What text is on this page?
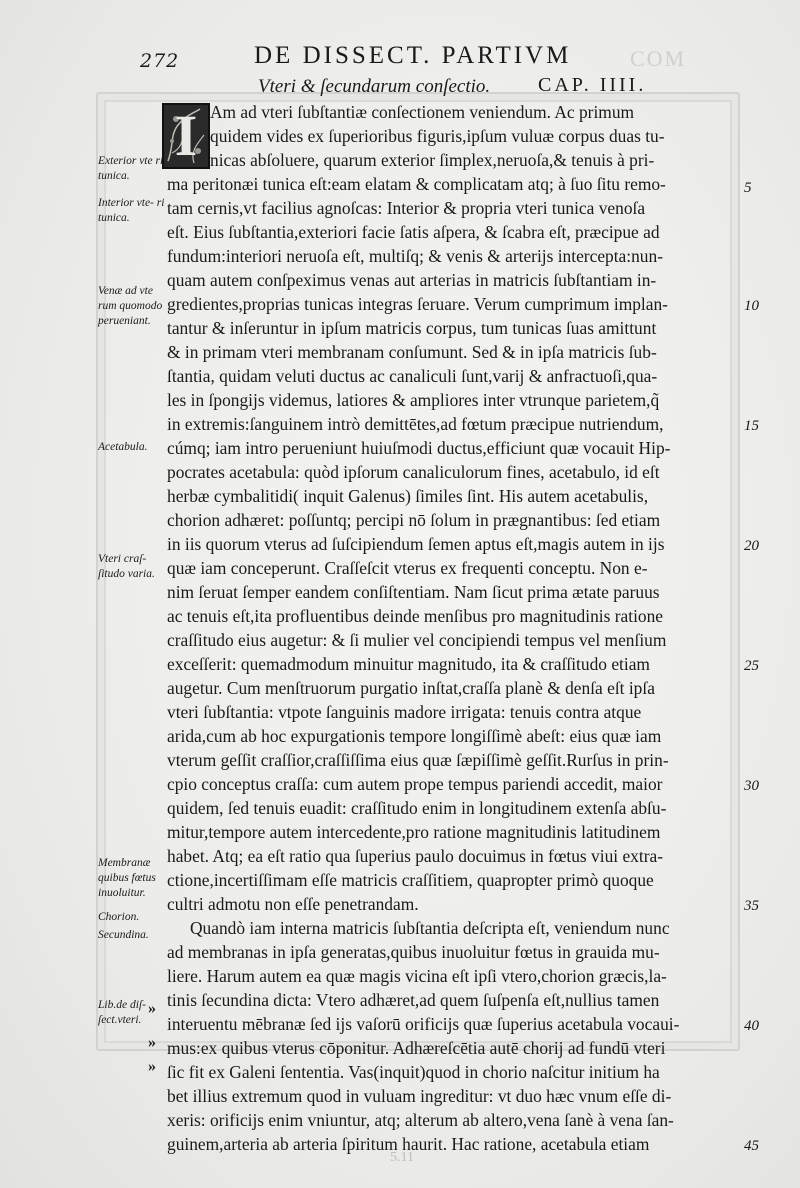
272	DE DISSECT. PARTIVM	COM
Vteri & ſecundarum conſectio. CAP. IIII.
I Am ad vteri ſubſtantiæ conſectionem veniendum. Ac primum
quidem vides ex ſuperioribus figuris,ipſum vuluæ corpus duas tu-
nicas abſoluere, quarum exterior ſimplex,neruoſa,& tenuis à pri-
ma peritonæi tunica eſt:eam elatam & complicatam atq; à ſuo ſitu remo-
tam cernis,vt facilius agnoſcas: Interior & propria vteri tunica venoſa
eſt. Eius ſubſtantia,exteriori facie ſatis aſpera, & ſcabra eſt, præcipue ad
fundum:interiori neruoſa eſt, multiſq; & venis & arterijs intercepta:nun-
quam autem conſpeximus venas aut arterias in matricis ſubſtantiam in-
gredientes,proprias tunicas integras ſeruare. Verum cumprimum implan-
tantur & inſeruntur in ipſum matricis corpus, tum tunicas ſuas amittunt
& in primam vteri membranam conſumunt. Sed & in ipſa matricis ſub-
ſtantia, quidam veluti ductus ac canaliculi ſunt,varij & anfractuoſi,qua-
les in ſpongijs videmus, latiores & ampliores inter vtrunque parietem,q̃
in extremis:ſanguinem intrò demittētes,ad fœtum præcipue nutriendum,
cúmq; iam intro perueniunt huiuſmodi ductus,efficiunt quæ vocauit Hip-
pocrates acetabula: quòd ipſorum canaliculorum fines, acetabulo, id eſt
herbæ cymbalitidi( inquit Galenus) ſimiles ſint. His autem acetabulis,
chorion adhæret: poſſuntq; percipi nō ſolum in prægnantibus: ſed etiam
in iis quorum vterus ad ſuſcipiendum ſemen aptus eſt,magis autem in ijs
quæ iam conceperunt. Craſſeſcit vterus ex frequenti conceptu. Non e-
nim ſeruat ſemper eandem conſiſtentiam. Nam ſicut prima ætate paruus
ac tenuis eſt,ita profluentibus deinde menſibus pro magnitudinis ratione
craſſitudo eius augetur: & ſi mulier vel concipiendi tempus vel menſium
exceſſerit: quemadmodum minuitur magnitudo, ita & craſſitudo etiam
augetur. Cum menſtruorum purgatio inſtat,craſſa planè & denſa eſt ipſa
vteri ſubſtantia: vtpote ſanguinis madore irrigata: tenuis contra atque
arida,cum ab hoc expurgationis tempore longiſſimè abeſt: eius quæ iam
vterum geſſit craſſior,craſſiſſima eius quæ ſæpiſſimè geſſit.Rurſus in prin-
cpio conceptus craſſa: cum autem prope tempus pariendi accedit, maior
quidem, ſed tenuis euadit: craſſitudo enim in longitudinem extenſa abſu-
mitur,tempore autem intercedente,pro ratione magnitudinis latitudinem
habet. Atq; ea eſt ratio qua ſuperius paulo docuimus in fœtus viui extra-
ctione,incertiſſimam eſſe matricis craſſitiem, quapropter primò quoque
cultri admotu non eſſe penetrandam.
Quandò iam interna matricis ſubſtantia deſcripta eſt, veniendum nunc
ad membranas in ipſa generatas,quibus inuoluitur fœtus in grauida mu-
liere. Harum autem ea quæ magis vicina eſt ipſi vtero,chorion græcis,la-
tinis ſecundina dicta: Vtero adhæret,ad quem ſuſpenſa eſt,nullius tamen
interuentu mēbranæ ſed ijs vaſorū orificijs quæ ſuperius acetabula vocaui-
mus:ex quibus vterus cōponitur. Adhæreſcētia autē chorij ad fundū vteri
ſic fit ex Galeni ſententia. Vas(inquit)quod in chorio naſcitur initium ha
bet illius extremum quod in vuluam ingreditur: vt duo hæc vnum eſſe di-
xeris: orificijs enim vniuntur, atq; alterum ab altero,vena ſanè à vena ſan-
guinem,arteria ab arteria ſpiritum haurit. Hac ratione, acetabula etiam
5
10
15
20
25
30
35
40
45
Exterior vte ri tunica.
Interior vte- ri tunica.
Venæ ad vte rum quomodo perueniant.
Acetabula.
Vteri craſ- ſitudo varia.
Membranæ quibus fœtus inuoluitur.
Chorion.
Secundina.
Lib.de diſ- ſect.vteri.
»
»
»
5.11
